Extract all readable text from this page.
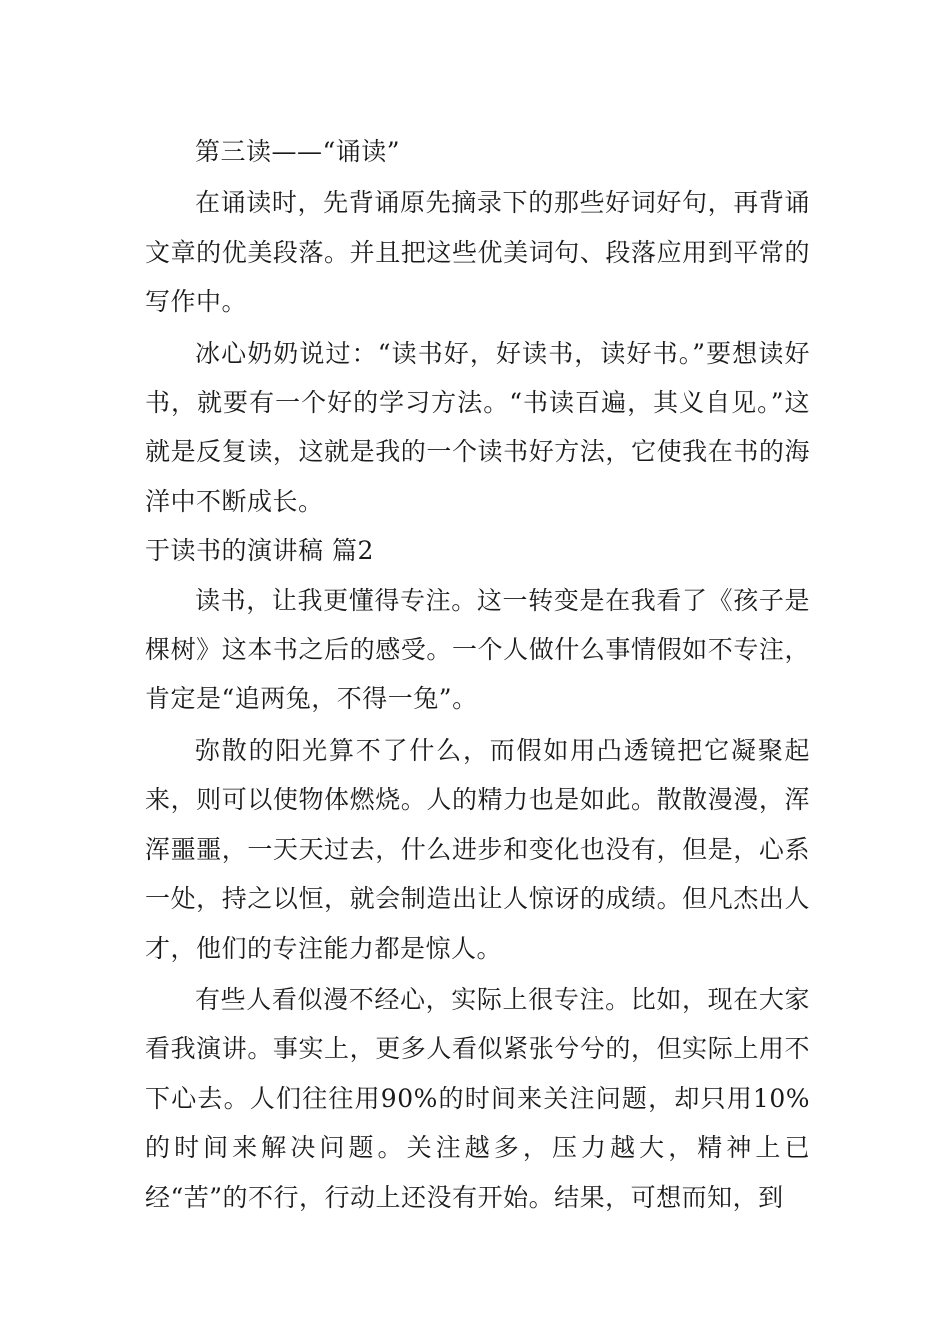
第三读——“诵读”

在诵读时，先背诵原先摘录下的那些好词好句，再背诵文章的优美段落。并且把这些优美词句、段落应用到平常的写作中。

冰心奶奶说过：“读书好，好读书，读好书。”要想读好书，就要有一个好的学习方法。“书读百遍，其义自见。”这就是反复读，这就是我的一个读书好方法，它使我在书的海洋中不断成长。

于读书的演讲稿 篇2

读书，让我更懂得专注。这一转变是在我看了《孩子是棵树》这本书之后的感受。一个人做什么事情假如不专注，肯定是“追两兔，不得一兔”。

弥散的阳光算不了什么，而假如用凸透镜把它凝聚起来，则可以使物体燃烧。人的精力也是如此。散散漫漫，浑浑噩噩，一天天过去，什么进步和变化也没有，但是，心系一处，持之以恒，就会制造出让人惊讶的成绩。但凡杰出人才，他们的专注能力都是惊人。

有些人看似漫不经心，实际上很专注。比如，现在大家看我演讲。事实上，更多人看似紧张兮兮的，但实际上用不下心去。人们往往用90%的时间来关注问题，却只用10%的时间来解决问题。关注越多，压力越大，精神上已经“苦”的不行，行动上还没有开始。结果，可想而知，到
